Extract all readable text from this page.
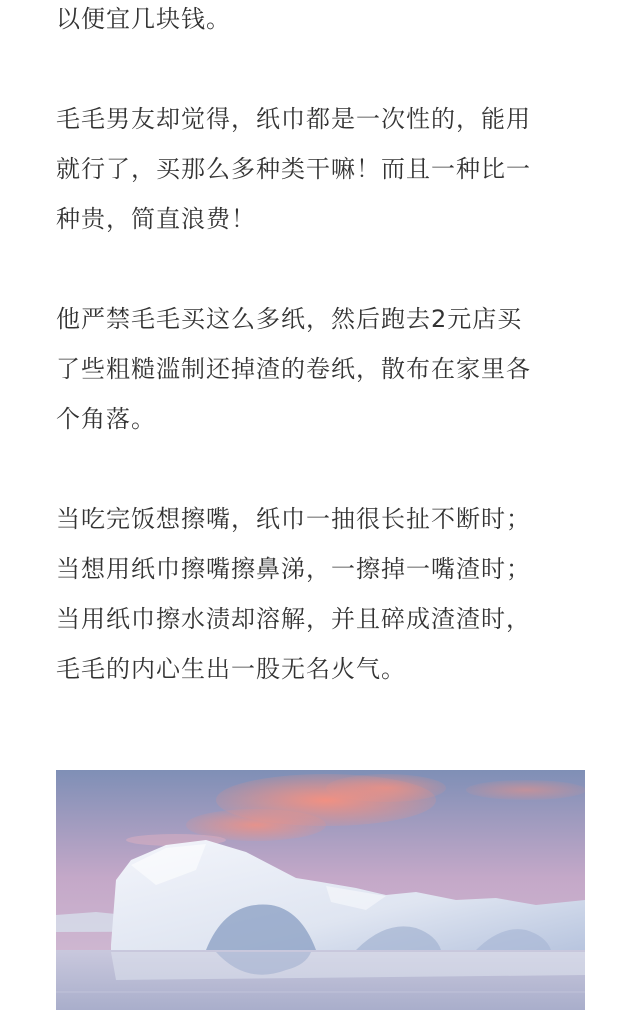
以便宜几块钱。
毛毛男友却觉得，纸巾都是一次性的，能用
就行了，买那么多种类干嘛！而且一种比一
种贵，简直浪费！
他严禁毛毛买这么多纸，然后跑去2元店买
了些粗糙滥制还掉渣的卷纸，散布在家里各
个角落。
当吃完饭想擦嘴，纸巾一抽很长扯不断时；
当想用纸巾擦嘴擦鼻涕，一擦掉一嘴渣时；
当用纸巾擦水渍却溶解，并且碎成渣渣时，
毛毛的内心生出一股无名火气。
